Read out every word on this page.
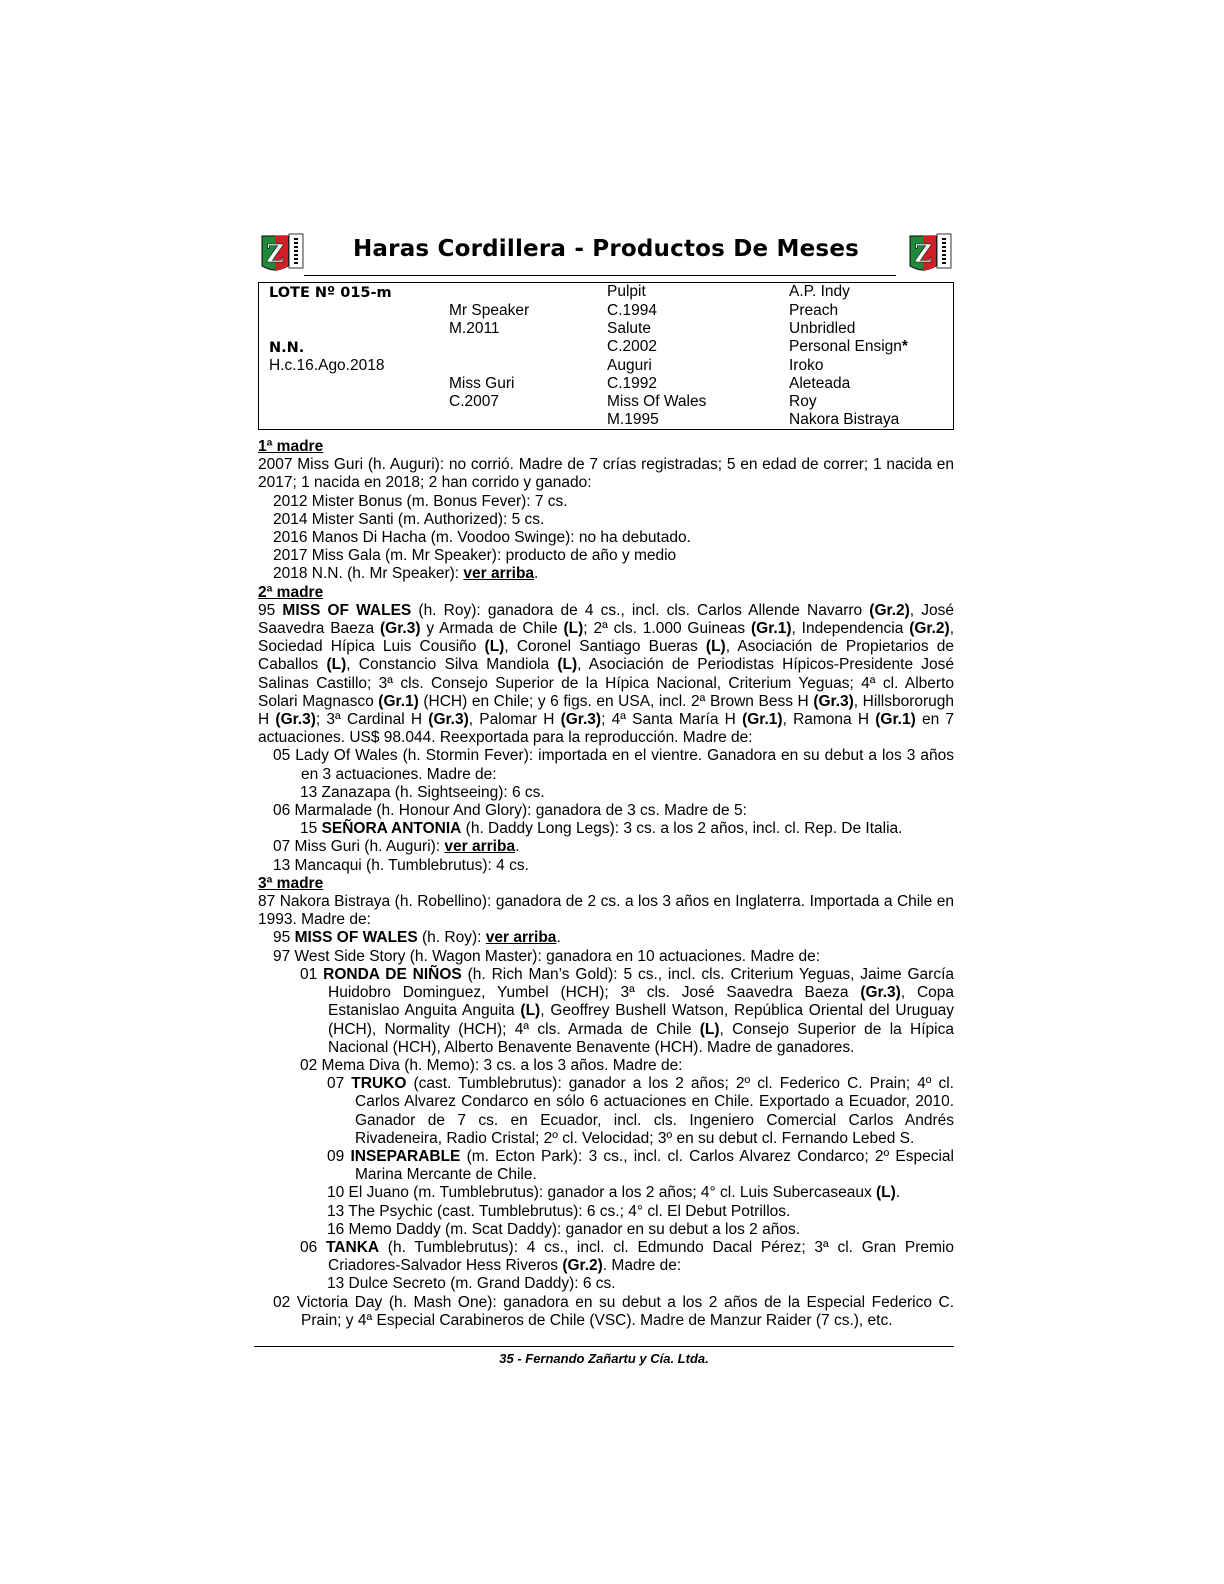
Z	Haras Cordillera - Productos De Meses	Z
LOTE Nº 015-m
N.N.
H.c.16.Ago.2018
Mr Speaker
M.2011
Miss Guri
C.2007
Pulpit
C.1994
Salute
C.2002
Auguri
C.1992
Miss Of Wales
M.1995
A.P. Indy
Preach
Unbridled
Personal Ensign*
Iroko
Aleteada
Roy
Nakora Bistraya
1ª madre
2007 Miss Guri (h. Auguri): no corrió. Madre de 7 crías registradas; 5 en edad de correr; 1 nacida en 2017; 1 nacida en 2018; 2 han corrido y ganado:
2012 Mister Bonus (m. Bonus Fever): 7 cs.
2014 Mister Santi (m. Authorized): 5 cs.
2016 Manos Di Hacha (m. Voodoo Swinge): no ha debutado.
2017 Miss Gala (m. Mr Speaker): producto de año y medio
2018 N.N. (h. Mr Speaker): ver arriba.
2ª madre
95 MISS OF WALES (h. Roy): ganadora de 4 cs., incl. cls. Carlos Allende Navarro (Gr.2), José Saavedra Baeza (Gr.3) y Armada de Chile (L); 2ª cls. 1.000 Guineas (Gr.1), Independencia (Gr.2), Sociedad Hípica Luis Cousiño (L), Coronel Santiago Bueras (L), Asociación de Propietarios de Caballos (L), Constancio Silva Mandiola (L), Asociación de Periodistas Hípicos-Presidente José Salinas Castillo; 3ª cls. Consejo Superior de la Hípica Nacional, Criterium Yeguas; 4ª cl. Alberto Solari Magnasco (Gr.1) (HCH) en Chile; y 6 figs. en USA, incl. 2ª Brown Bess H (Gr.3), Hillsbororugh H (Gr.3); 3ª Cardinal H (Gr.3), Palomar H (Gr.3); 4ª Santa María H (Gr.1), Ramona H (Gr.1) en 7 actuaciones. US$ 98.044. Reexportada para la reproducción. Madre de:
05 Lady Of Wales (h. Stormin Fever): importada en el vientre. Ganadora en su debut a los 3 años en 3 actuaciones. Madre de:
13 Zanazapa (h. Sightseeing): 6 cs.
06 Marmalade (h. Honour And Glory): ganadora de 3 cs. Madre de 5:
15 SEÑORA ANTONIA (h. Daddy Long Legs): 3 cs. a los 2 años, incl. cl. Rep. De Italia.
07 Miss Guri (h. Auguri): ver arriba.
13 Mancaqui (h. Tumblebrutus): 4 cs.
3ª madre
87 Nakora Bistraya (h. Robellino): ganadora de 2 cs. a los 3 años en Inglaterra. Importada a Chile en 1993. Madre de:
95 MISS OF WALES (h. Roy): ver arriba.
97 West Side Story (h. Wagon Master): ganadora en 10 actuaciones. Madre de:
01 RONDA DE NIÑOS (h. Rich Man’s Gold): 5 cs., incl. cls. Criterium Yeguas, Jaime García Huidobro Dominguez, Yumbel (HCH); 3ª cls. José Saavedra Baeza (Gr.3), Copa Estanislao Anguita Anguita (L), Geoffrey Bushell Watson, República Oriental del Uruguay (HCH), Normality (HCH); 4ª cls. Armada de Chile (L), Consejo Superior de la Hípica Nacional (HCH), Alberto Benavente Benavente (HCH). Madre de ganadores.
02 Mema Diva (h. Memo): 3 cs. a los 3 años. Madre de:
07 TRUKO (cast. Tumblebrutus): ganador a los 2 años; 2º cl. Federico C. Prain; 4º cl. Carlos Alvarez Condarco en sólo 6 actuaciones en Chile. Exportado a Ecuador, 2010. Ganador de 7 cs. en Ecuador, incl. cls. Ingeniero Comercial Carlos Andrés Rivadeneira, Radio Cristal; 2º cl. Velocidad; 3º en su debut cl. Fernando Lebed S.
09 INSEPARABLE (m. Ecton Park): 3 cs., incl. cl. Carlos Alvarez Condarco; 2º Especial Marina Mercante de Chile.
10 El Juano (m. Tumblebrutus): ganador a los 2 años; 4° cl. Luis Subercaseaux (L).
13 The Psychic (cast. Tumblebrutus): 6 cs.; 4° cl. El Debut Potrillos.
16 Memo Daddy (m. Scat Daddy): ganador en su debut a los 2 años.
06 TANKA (h. Tumblebrutus): 4 cs., incl. cl. Edmundo Dacal Pérez; 3ª cl. Gran Premio Criadores-Salvador Hess Riveros (Gr.2). Madre de:
13 Dulce Secreto (m. Grand Daddy): 6 cs.
02 Victoria Day (h. Mash One): ganadora en su debut a los 2 años de la Especial Federico C. Prain; y 4ª Especial Carabineros de Chile (VSC). Madre de Manzur Raider (7 cs.), etc.
35 - Fernando Zañartu y Cía. Ltda.
